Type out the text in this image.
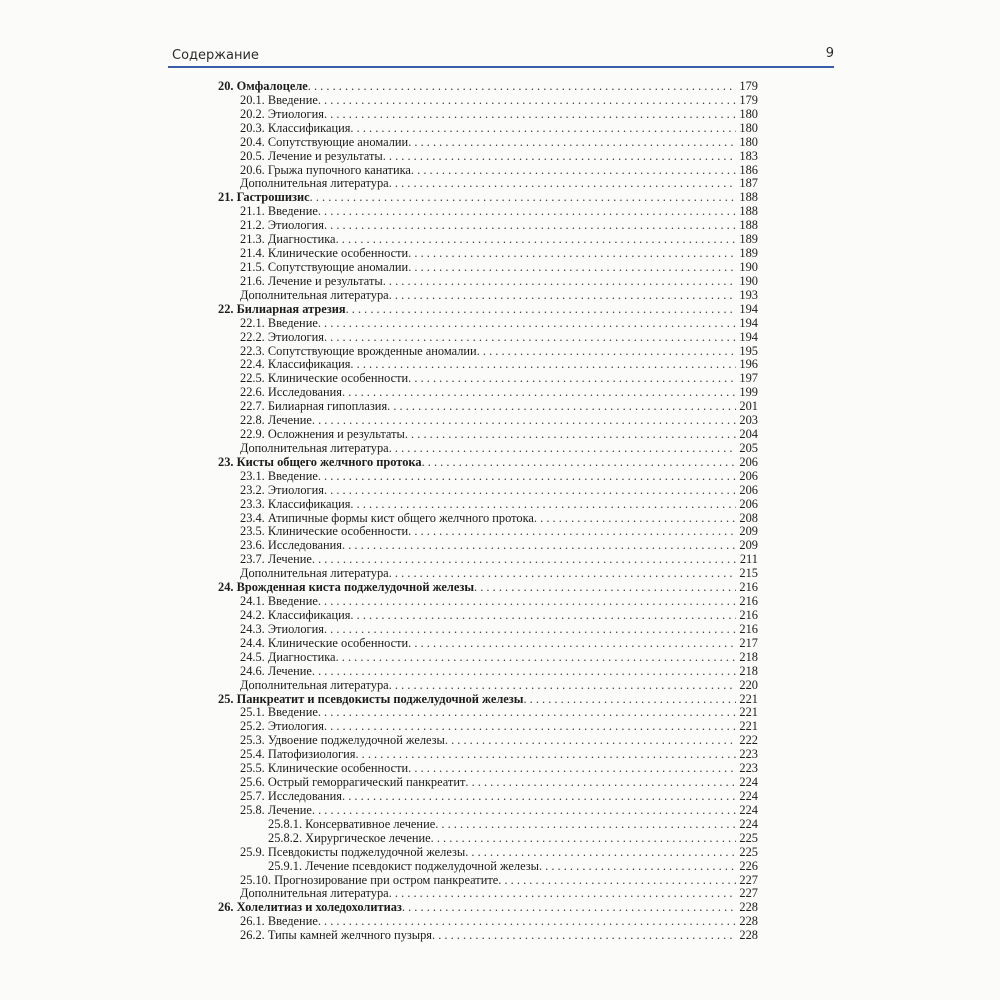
Содержание	9
20. Омфалоцеле . . .	179
20.1. Введение . . .	179
20.2. Этиология . . .	180
20.3. Классификация . . .	180
20.4. Сопутствующие аномалии . . .	180
20.5. Лечение и результаты . . .	183
20.6. Грыжа пупочного канатика . . .	186
Дополнительная литература . . .	187
21. Гастрошизис . . .	188
21.1. Введение . . .	188
21.2. Этиология . . .	188
21.3. Диагностика . . .	189
21.4. Клинические особенности . . .	189
21.5. Сопутствующие аномалии . . .	190
21.6. Лечение и результаты . . .	190
Дополнительная литература . . .	193
22. Билиарная атрезия . . .	194
22.1. Введение . . .	194
22.2. Этиология . . .	194
22.3. Сопутствующие врожденные аномалии . . .	195
22.4. Классификация . . .	196
22.5. Клинические особенности . . .	197
22.6. Исследования . . .	199
22.7. Билиарная гипоплазия . . .	201
22.8. Лечение . . .	203
22.9. Осложнения и результаты . . .	204
Дополнительная литература . . .	205
23. Кисты общего желчного протока . . .	206
23.1. Введение . . .	206
23.2. Этиология . . .	206
23.3. Классификация . . .	206
23.4. Атипичные формы кист общего желчного протока . . .	208
23.5. Клинические особенности . . .	209
23.6. Исследования . . .	209
23.7. Лечение . . .	211
Дополнительная литература . . .	215
24. Врожденная киста поджелудочной железы . . .	216
24.1. Введение . . .	216
24.2. Классификация . . .	216
24.3. Этиология . . .	216
24.4. Клинические особенности . . .	217
24.5. Диагностика . . .	218
24.6. Лечение . . .	218
Дополнительная литература . . .	220
25. Панкреатит и псевдокисты поджелудочной железы . . .	221
25.1. Введение . . .	221
25.2. Этиология . . .	221
25.3. Удвоение поджелудочной железы . . .	222
25.4. Патофизиология . . .	223
25.5. Клинические особенности . . .	223
25.6. Острый геморрагический панкреатит . . .	224
25.7. Исследования . . .	224
25.8. Лечение . . .	224
25.8.1. Консервативное лечение . . .	224
25.8.2. Хирургическое лечение . . .	225
25.9. Псевдокисты поджелудочной железы . . .	225
25.9.1. Лечение псевдокист поджелудочной железы . . .	226
25.10. Прогнозирование при остром панкреатите . . .	227
Дополнительная литература . . .	227
26. Холелитиаз и холедохолитиаз . . .	228
26.1. Введение . . .	228
26.2. Типы камней желчного пузыря . . .	228
